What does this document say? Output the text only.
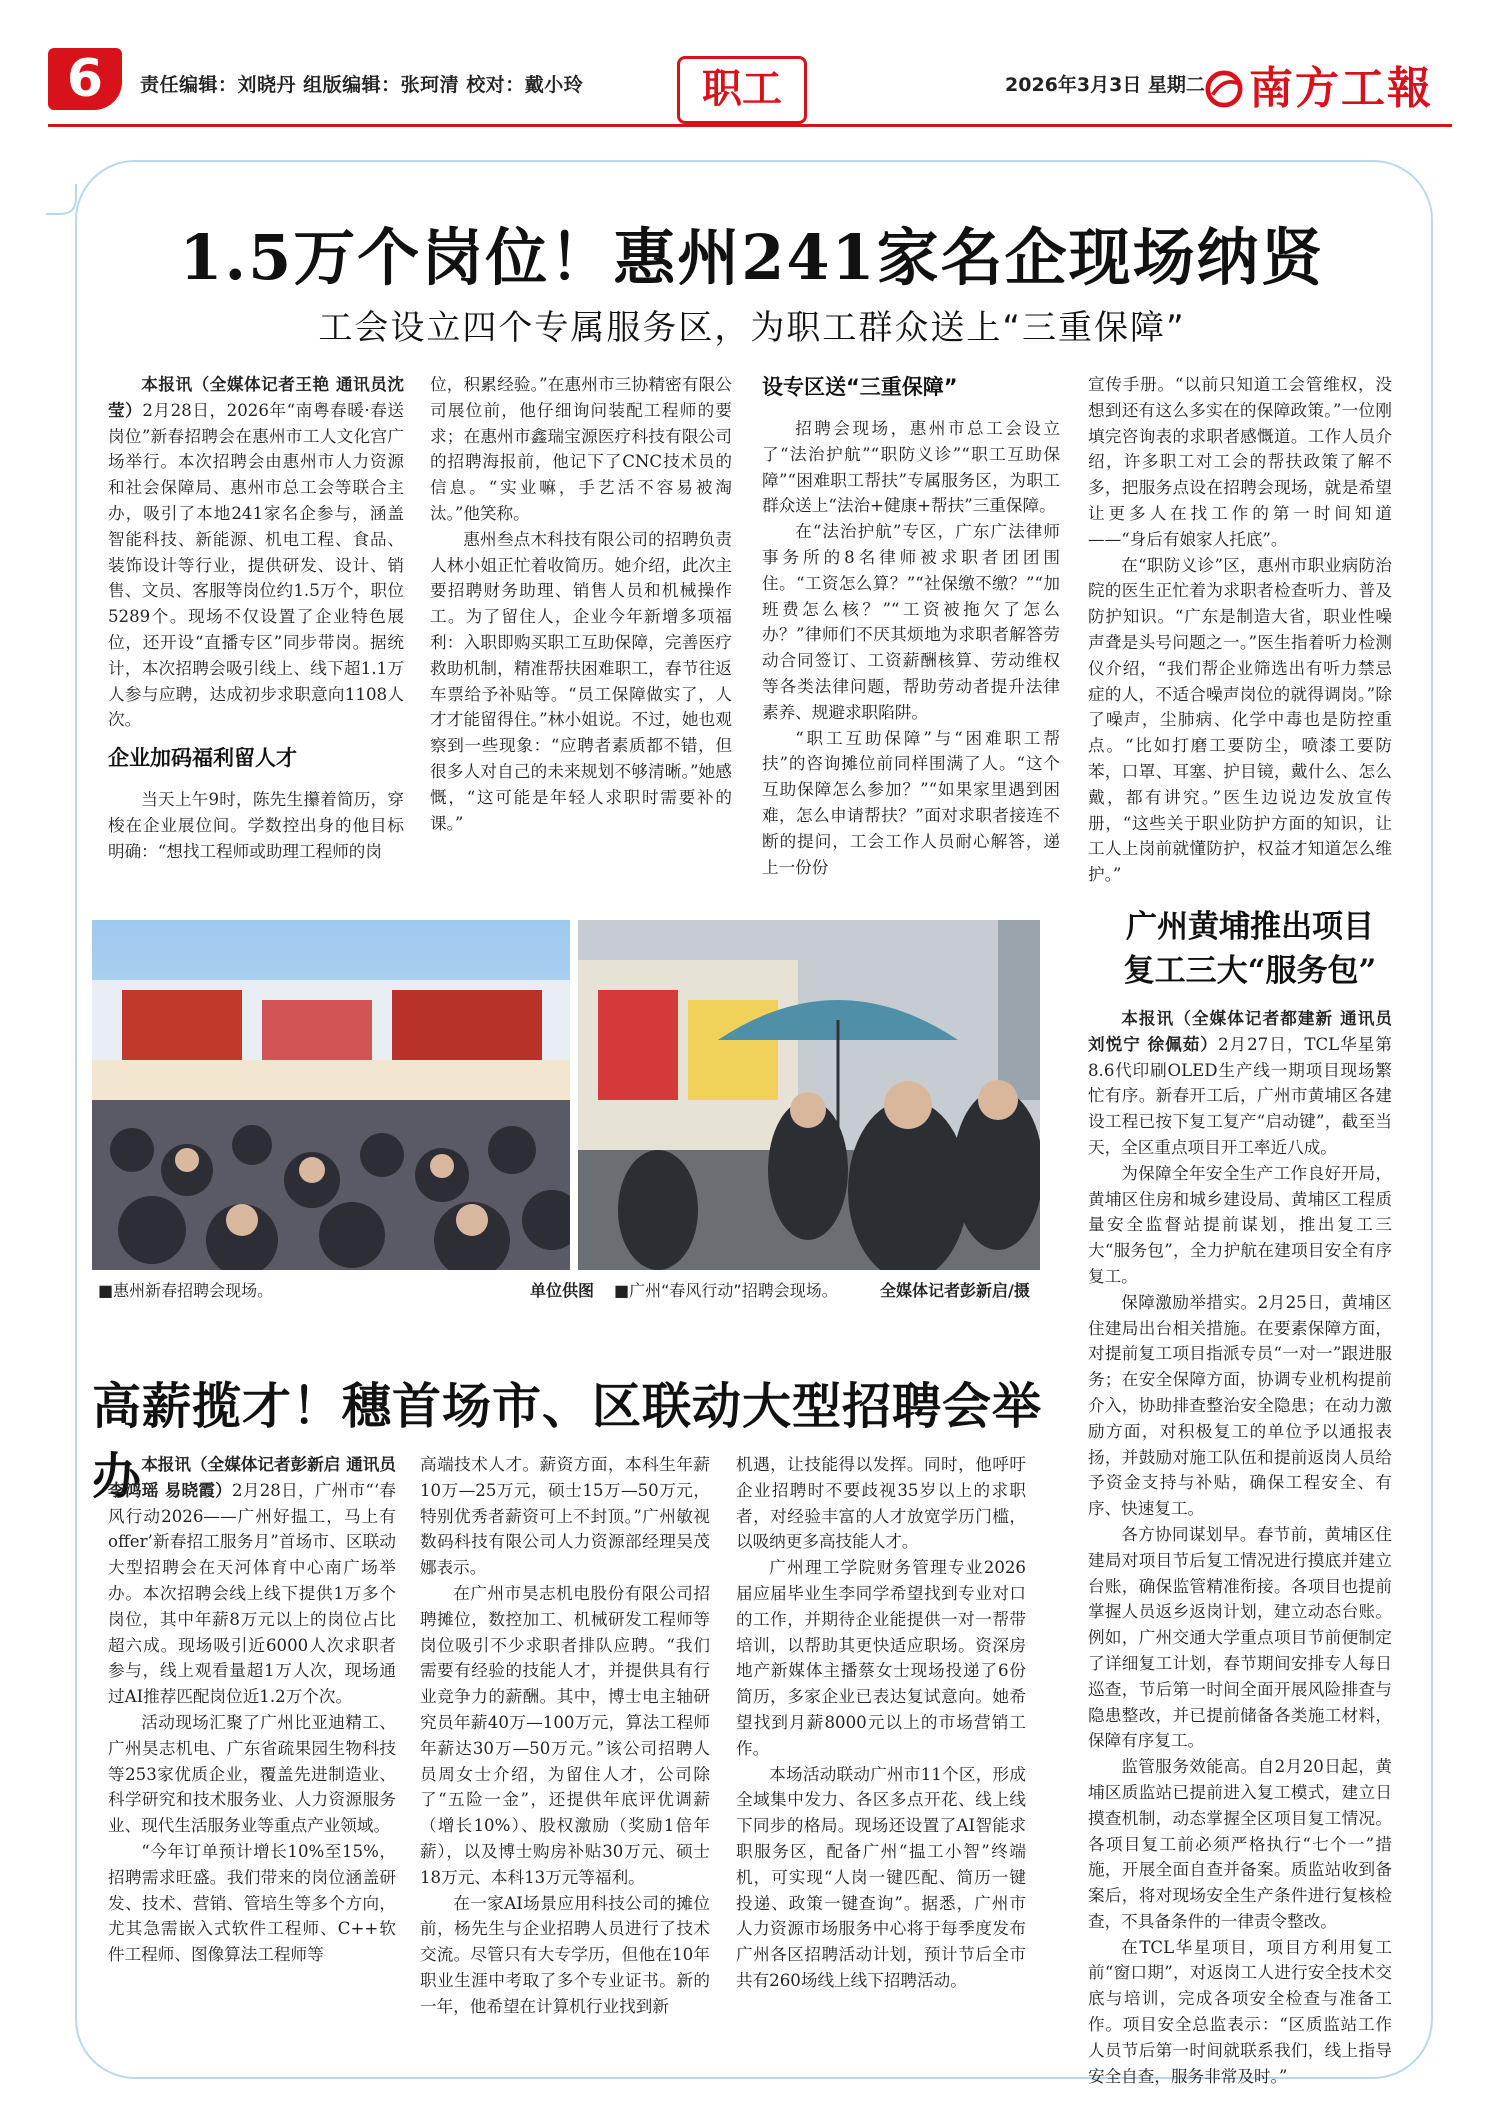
6	责任编辑：刘晓丹 组版编辑：张珂清 校对：戴小玲	职工	2026年3月3日 星期二	南方工報
1.5万个岗位！惠州241家名企现场纳贤
工会设立四个专属服务区，为职工群众送上“三重保障”

本报讯（全媒体记者王艳 通讯员沈莹）2月28日，2026年“南粤春暖·春送岗位”新春招聘会在惠州市工人文化宫广场举行。本次招聘会由惠州市人力资源和社会保障局、惠州市总工会等联合主办，吸引了本地241家名企参与，涵盖智能科技、新能源、机电工程、食品、装饰设计等行业，提供研发、设计、销售、文员、客服等岗位约1.5万个，职位5289个。现场不仅设置了企业特色展位，还开设“直播专区”同步带岗。据统计，本次招聘会吸引线上、线下超1.1万人参与应聘，达成初步求职意向1108人次。

企业加码福利留人才

当天上午9时，陈先生攥着简历，穿梭在企业展位间。学数控出身的他目标明确：“想找工程师或助理工程师的岗

位，积累经验。”在惠州市三协精密有限公司展位前，他仔细询问装配工程师的要求；在惠州市鑫瑞宝源医疗科技有限公司的招聘海报前，他记下了CNC技术员的信息。“实业嘛，手艺活不容易被淘汰。”他笑称。

惠州叁点木科技有限公司的招聘负责人林小姐正忙着收简历。她介绍，此次主要招聘财务助理、销售人员和机械操作工。为了留住人，企业今年新增多项福利：入职即购买职工互助保障，完善医疗救助机制，精准帮扶困难职工，春节往返车票给予补贴等。“员工保障做实了，人才才能留得住。”林小姐说。不过，她也观察到一些现象：“应聘者素质都不错，但很多人对自己的未来规划不够清晰。”她感慨，“这可能是年轻人求职时需要补的课。”

设专区送“三重保障”

招聘会现场，惠州市总工会设立了“法治护航”“职防义诊”“职工互助保障”“困难职工帮扶”专属服务区，为职工群众送上“法治+健康+帮扶”三重保障。

在“法治护航”专区，广东广法律师事务所的8名律师被求职者团团围住。“工资怎么算？”“社保缴不缴？”“加班费怎么核？”“工资被拖欠了怎么办？”律师们不厌其烦地为求职者解答劳动合同签订、工资薪酬核算、劳动维权等各类法律问题，帮助劳动者提升法律素养、规避求职陷阱。

“职工互助保障”与“困难职工帮扶”的咨询摊位前同样围满了人。“这个互助保障怎么参加？”“如果家里遇到困难，怎么申请帮扶？”面对求职者接连不断的提问，工会工作人员耐心解答，递上一份份

宣传手册。“以前只知道工会管维权，没想到还有这么多实在的保障政策。”一位刚填完咨询表的求职者感慨道。工作人员介绍，许多职工对工会的帮扶政策了解不多，把服务点设在招聘会现场，就是希望让更多人在找工作的第一时间知道——“身后有娘家人托底”。

在“职防义诊”区，惠州市职业病防治院的医生正忙着为求职者检查听力、普及防护知识。“广东是制造大省，职业性噪声聋是头号问题之一。”医生指着听力检测仪介绍，“我们帮企业筛选出有听力禁忌症的人，不适合噪声岗位的就得调岗。”除了噪声，尘肺病、化学中毒也是防控重点。“比如打磨工要防尘，喷漆工要防苯，口罩、耳塞、护目镜，戴什么、怎么戴，都有讲究。”医生边说边发放宣传册，“这些关于职业防护方面的知识，让工人上岗前就懂防护，权益才知道怎么维护。”

■惠州新春招聘会现场。	单位供图 ■广州“春风行动”招聘会现场。	全媒体记者彭新启/摄
高薪揽才！穗首场市、区联动大型招聘会举办 本报讯（全媒体记者彭新启 通讯员李鸿瑶 易晓霞）2月28日，广州市“‘春风行动2026——广州好揾工，马上有offer’新春招工服务月”首场市、区联动大型招聘会在天河体育中心南广场举办。本次招聘会线上线下提供1万多个岗位，其中年薪8万元以上的岗位占比超六成。现场吸引近6000人次求职者参与，线上观看量超1万人次，现场通过AI推荐匹配岗位近1.2万个次。

活动现场汇聚了广州比亚迪精工、广州昊志机电、广东省疏果园生物科技等253家优质企业，覆盖先进制造业、科学研究和技术服务业、人力资源服务业、现代生活服务业等重点产业领域。

“今年订单预计增长10%至15%，招聘需求旺盛。我们带来的岗位涵盖研发、技术、营销、管培生等多个方向，尤其急需嵌入式软件工程师、C++软件工程师、图像算法工程师等

高端技术人才。薪资方面，本科生年薪10万—25万元，硕士15万—50万元，特别优秀者薪资可上不封顶。”广州敏视数码科技有限公司人力资源部经理吴茂娜表示。

在广州市昊志机电股份有限公司招聘摊位，数控加工、机械研发工程师等岗位吸引不少求职者排队应聘。“我们需要有经验的技能人才，并提供具有行业竞争力的薪酬。其中，博士电主轴研究员年薪40万—100万元，算法工程师年薪达30万—50万元。”该公司招聘人员周女士介绍，为留住人才，公司除了“五险一金”，还提供年底评优调薪（增长10%）、股权激励（奖励1倍年薪），以及博士购房补贴30万元、硕士18万元、本科13万元等福利。

在一家AI场景应用科技公司的摊位前，杨先生与企业招聘人员进行了技术交流。尽管只有大专学历，但他在10年职业生涯中考取了多个专业证书。新的一年，他希望在计算机行业找到新

机遇，让技能得以发挥。同时，他呼吁企业招聘时不要歧视35岁以上的求职者，对经验丰富的人才放宽学历门槛，以吸纳更多高技能人才。

广州理工学院财务管理专业2026届应届毕业生李同学希望找到专业对口的工作，并期待企业能提供一对一帮带培训，以帮助其更快适应职场。资深房地产新媒体主播蔡女士现场投递了6份简历，多家企业已表达复试意向。她希望找到月薪8000元以上的市场营销工作。

本场活动联动广州市11个区，形成全域集中发力、各区多点开花、线上线下同步的格局。现场还设置了AI智能求职服务区，配备广州“揾工小智”终端机，可实现“人岗一键匹配、简历一键投递、政策一键查询”。据悉，广州市人力资源市场服务中心将于每季度发布广州各区招聘活动计划，预计节后全市共有260场线上线下招聘活动。

广州黄埔推出项目
复工三大“服务包”

本报讯（全媒体记者都建新 通讯员刘悦宁 徐佩茹）2月27日，TCL华星第8.6代印刷OLED生产线一期项目现场繁忙有序。新春开工后，广州市黄埔区各建设工程已按下复工复产“启动键”，截至当天，全区重点项目开工率近八成。

为保障全年安全生产工作良好开局，黄埔区住房和城乡建设局、黄埔区工程质量安全监督站提前谋划，推出复工三大“服务包”，全力护航在建项目安全有序复工。

保障激励举措实。2月25日，黄埔区住建局出台相关措施。在要素保障方面，对提前复工项目指派专员“一对一”跟进服务；在安全保障方面，协调专业机构提前介入，协助排查整治安全隐患；在动力激励方面，对积极复工的单位予以通报表扬，并鼓励对施工队伍和提前返岗人员给予资金支持与补贴，确保工程安全、有序、快速复工。

各方协同谋划早。春节前，黄埔区住建局对项目节后复工情况进行摸底并建立台账，确保监管精准衔接。各项目也提前掌握人员返乡返岗计划，建立动态台账。例如，广州交通大学重点项目节前便制定了详细复工计划，春节期间安排专人每日巡查，节后第一时间全面开展风险排查与隐患整改，并已提前储备各类施工材料，保障有序复工。

监管服务效能高。自2月20日起，黄埔区质监站已提前进入复工模式，建立日摸查机制，动态掌握全区项目复工情况。各项目复工前必须严格执行“七个一”措施，开展全面自查并备案。质监站收到备案后，将对现场安全生产条件进行复核检查，不具备条件的一律责令整改。

在TCL华星项目，项目方利用复工前“窗口期”，对返岗工人进行安全技术交底与培训，完成各项安全检查与准备工作。项目安全总监表示：“区质监站工作人员节后第一时间就联系我们，线上指导安全自查，服务非常及时。”
